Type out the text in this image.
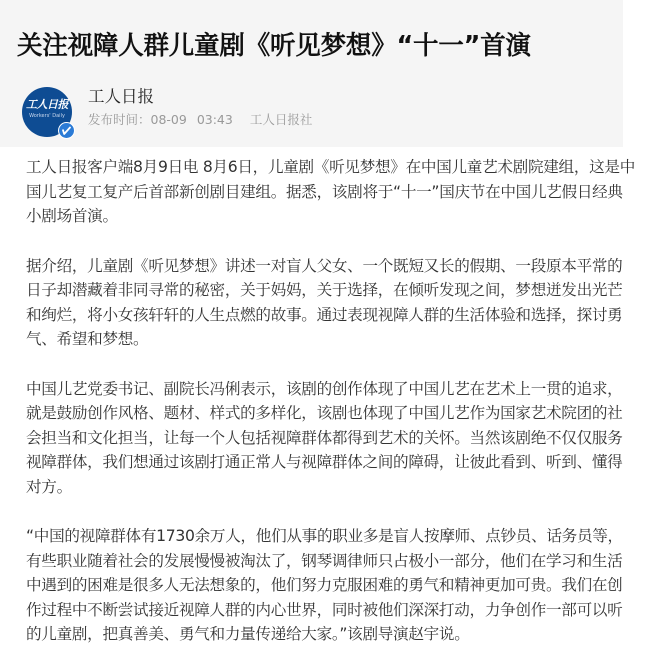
关注视障人群儿童剧《听见梦想》“十一”首演
工人日报
Workers' Daily
工人日报
发布时间：08-09 03:43 工人日报社

工人日报客户端8月9日电 8月6日，儿童剧《听见梦想》在中国儿童艺术剧院建组，这是中国儿艺复工复产后首部新创剧目建组。据悉，该剧将于“十一”国庆节在中国儿艺假日经典小剧场首演。

据介绍，儿童剧《听见梦想》讲述一对盲人父女、一个既短又长的假期、一段原本平常的日子却潜藏着非同寻常的秘密，关于妈妈，关于选择，在倾听发现之间，梦想迸发出光芒和绚烂，将小女孩轩轩的人生点燃的故事。通过表现视障人群的生活体验和选择，探讨勇气、希望和梦想。

中国儿艺党委书记、副院长冯俐表示，该剧的创作体现了中国儿艺在艺术上一贯的追求，就是鼓励创作风格、题材、样式的多样化，该剧也体现了中国儿艺作为国家艺术院团的社会担当和文化担当，让每一个人包括视障群体都得到艺术的关怀。当然该剧绝不仅仅服务视障群体，我们想通过该剧打通正常人与视障群体之间的障碍，让彼此看到、听到、懂得对方。

“中国的视障群体有1730余万人，他们从事的职业多是盲人按摩师、点钞员、话务员等，有些职业随着社会的发展慢慢被淘汰了，钢琴调律师只占极小一部分，他们在学习和生活中遇到的困难是很多人无法想象的，他们努力克服困难的勇气和精神更加可贵。我们在创作过程中不断尝试接近视障人群的内心世界，同时被他们深深打动，力争创作一部可以听的儿童剧，把真善美、勇气和力量传递给大家。”该剧导演赵宇说。
